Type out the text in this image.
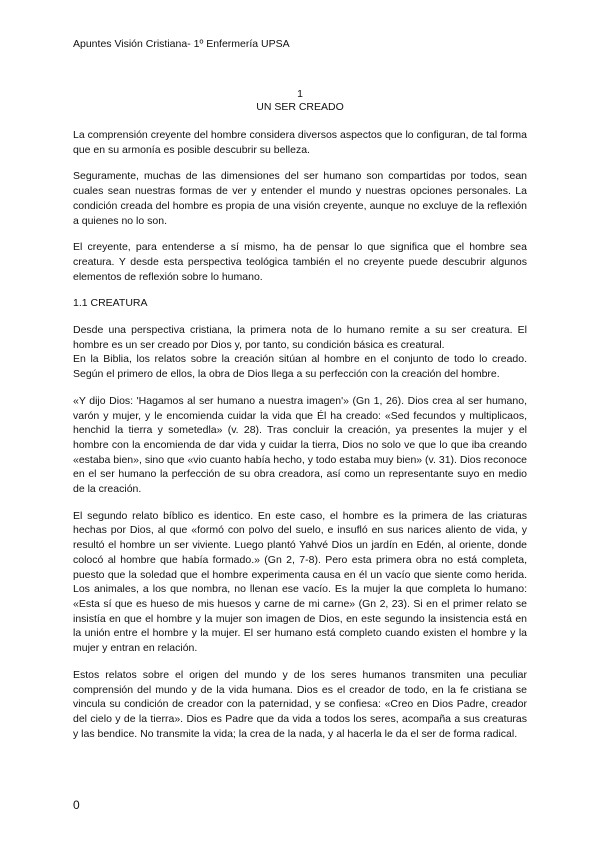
Apuntes Visión Cristiana- 1º Enfermería UPSA
1
UN SER CREADO

La comprensión creyente del hombre considera diversos aspectos que lo configuran, de tal forma que en su armonía es posible descubrir su belleza.

Seguramente, muchas de las dimensiones del ser humano son compartidas por todos, sean cuales sean nuestras formas de ver y entender el mundo y nuestras opciones personales. La condición creada del hombre es propia de una visión creyente, aunque no excluye de la reflexión a quienes no lo son.

El creyente, para entenderse a sí mismo, ha de pensar lo que significa que el hombre sea creatura. Y desde esta perspectiva teológica también el no creyente puede descubrir algunos elementos de reflexión sobre lo humano.

1.1 CREATURA

Desde una perspectiva cristiana, la primera nota de lo humano remite a su ser creatura. El hombre es un ser creado por Dios y, por tanto, su condición básica es creatural.

En la Biblia, los relatos sobre la creación sitúan al hombre en el conjunto de todo lo creado. Según el primero de ellos, la obra de Dios llega a su perfección con la creación del hombre.

«Y dijo Dios: 'Hagamos al ser humano a nuestra imagen'» (Gn 1, 26). Dios crea al ser humano, varón y mujer, y le encomienda cuidar la vida que Él ha creado: «Sed fecundos y multiplicaos, henchid la tierra y sometedla» (v. 28). Tras concluir la creación, ya presentes la mujer y el hombre con la encomienda de dar vida y cuidar la tierra, Dios no solo ve que lo que iba creando «estaba bien», sino que «vio cuanto había hecho, y todo estaba muy bien» (v. 31). Dios reconoce en el ser humano la perfección de su obra creadora, así como un representante suyo en medio de la creación.

El segundo relato bíblico es identico. En este caso, el hombre es la primera de las criaturas hechas por Dios, al que «formó con polvo del suelo, e insufló en sus narices aliento de vida, y resultó el hombre un ser viviente. Luego plantó Yahvé Dios un jardín en Edén, al oriente, donde colocó al hombre que había formado.» (Gn 2, 7-8). Pero esta primera obra no está completa, puesto que la soledad que el hombre experimenta causa en él un vacío que siente como herida. Los animales, a los que nombra, no llenan ese vacío. Es la mujer la que completa lo humano: «Esta sí que es hueso de mis huesos y carne de mi carne» (Gn 2, 23). Si en el primer relato se insistía en que el hombre y la mujer son imagen de Dios, en este segundo la insistencia está en la unión entre el hombre y la mujer. El ser humano está completo cuando existen el hombre y la mujer y entran en relación.

Estos relatos sobre el origen del mundo y de los seres humanos transmiten una peculiar comprensión del mundo y de la vida humana. Dios es el creador de todo, en la fe cristiana se vincula su condición de creador con la paternidad, y se confiesa: «Creo en Dios Padre, creador del cielo y de la tierra». Dios es Padre que da vida a todos los seres, acompaña a sus creaturas y las bendice. No transmite la vida; la crea de la nada, y al hacerla le da el ser de forma radical.

0
